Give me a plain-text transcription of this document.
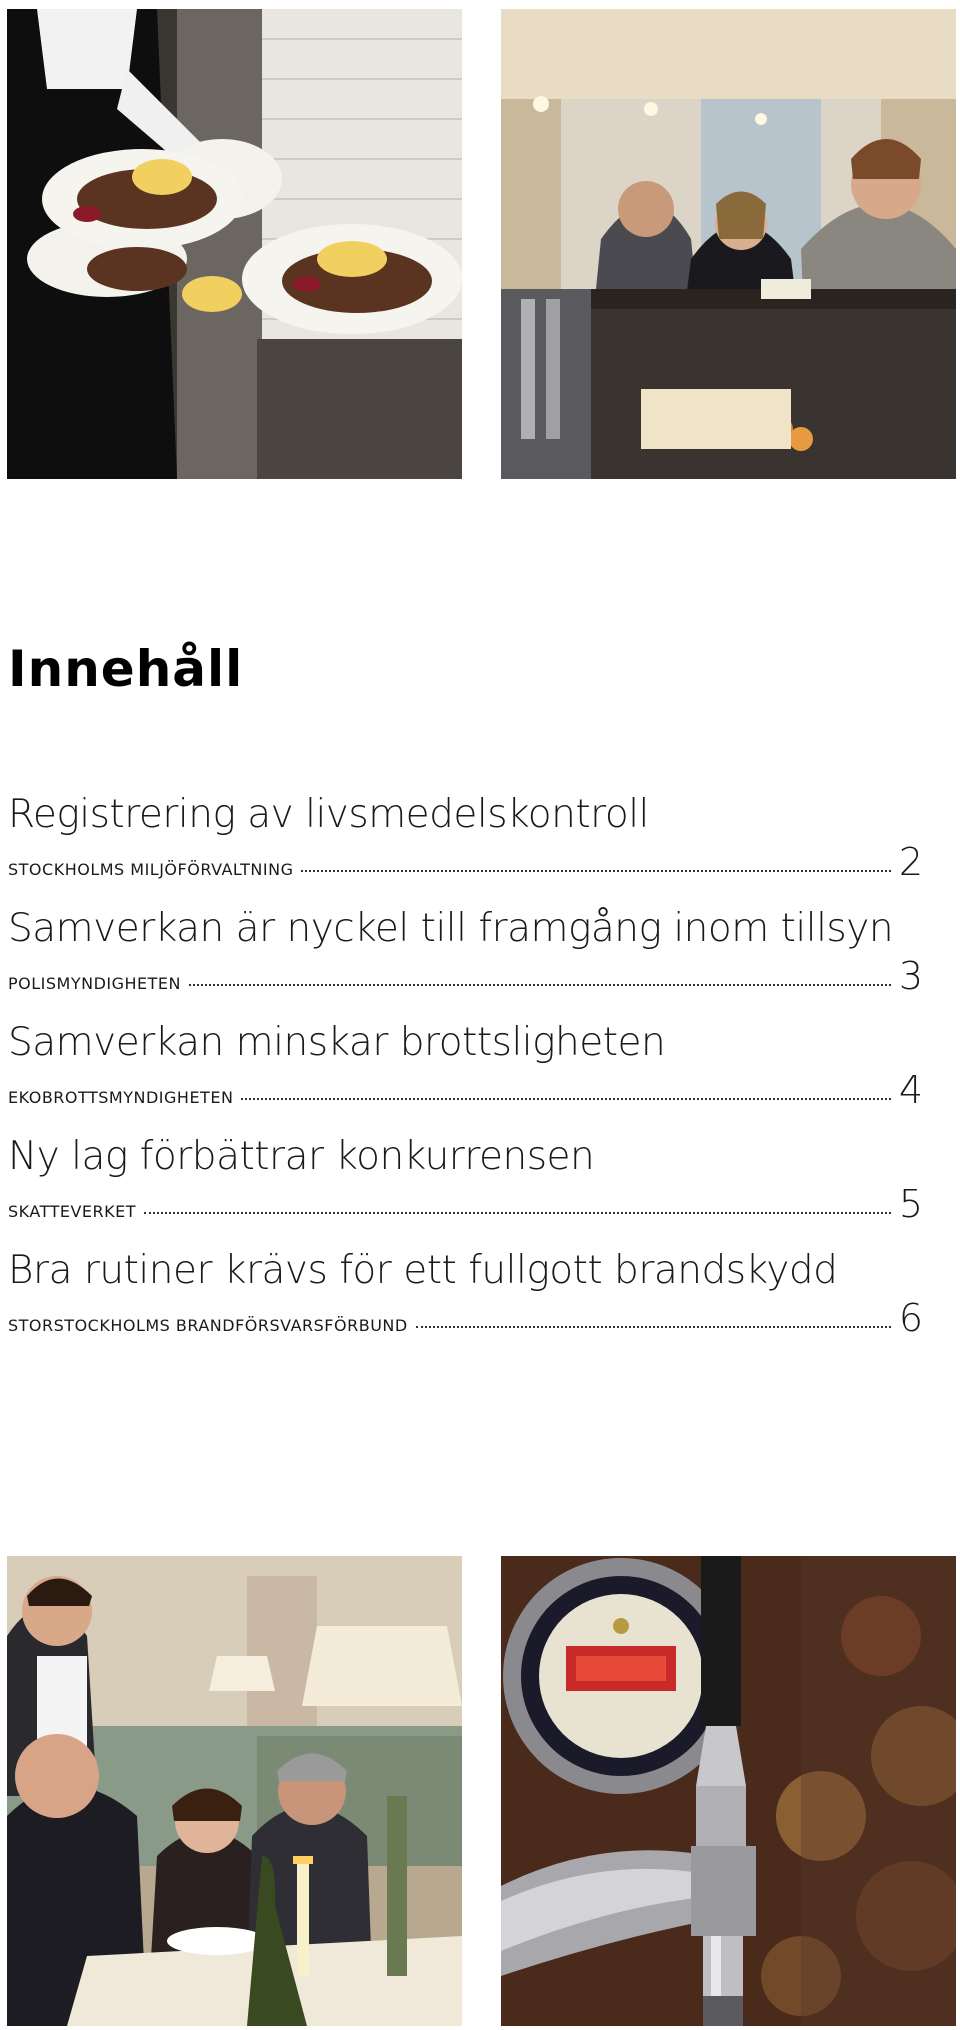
Innehåll
Registrering av livsmedelskontroll
STOCKHOLMS MILJÖFÖRVALTNING	2
Samverkan är nyckel till framgång inom tillsyn
POLISMYNDIGHETEN	3
Samverkan minskar brottsligheten
EKOBROTTSMYNDIGHETEN	4
Ny lag förbättrar konkurrensen
SKATTEVERKET	5
Bra rutiner krävs för ett fullgott brandskydd
STORSTOCKHOLMS BRANDFÖRSVARSFÖRBUND	6
